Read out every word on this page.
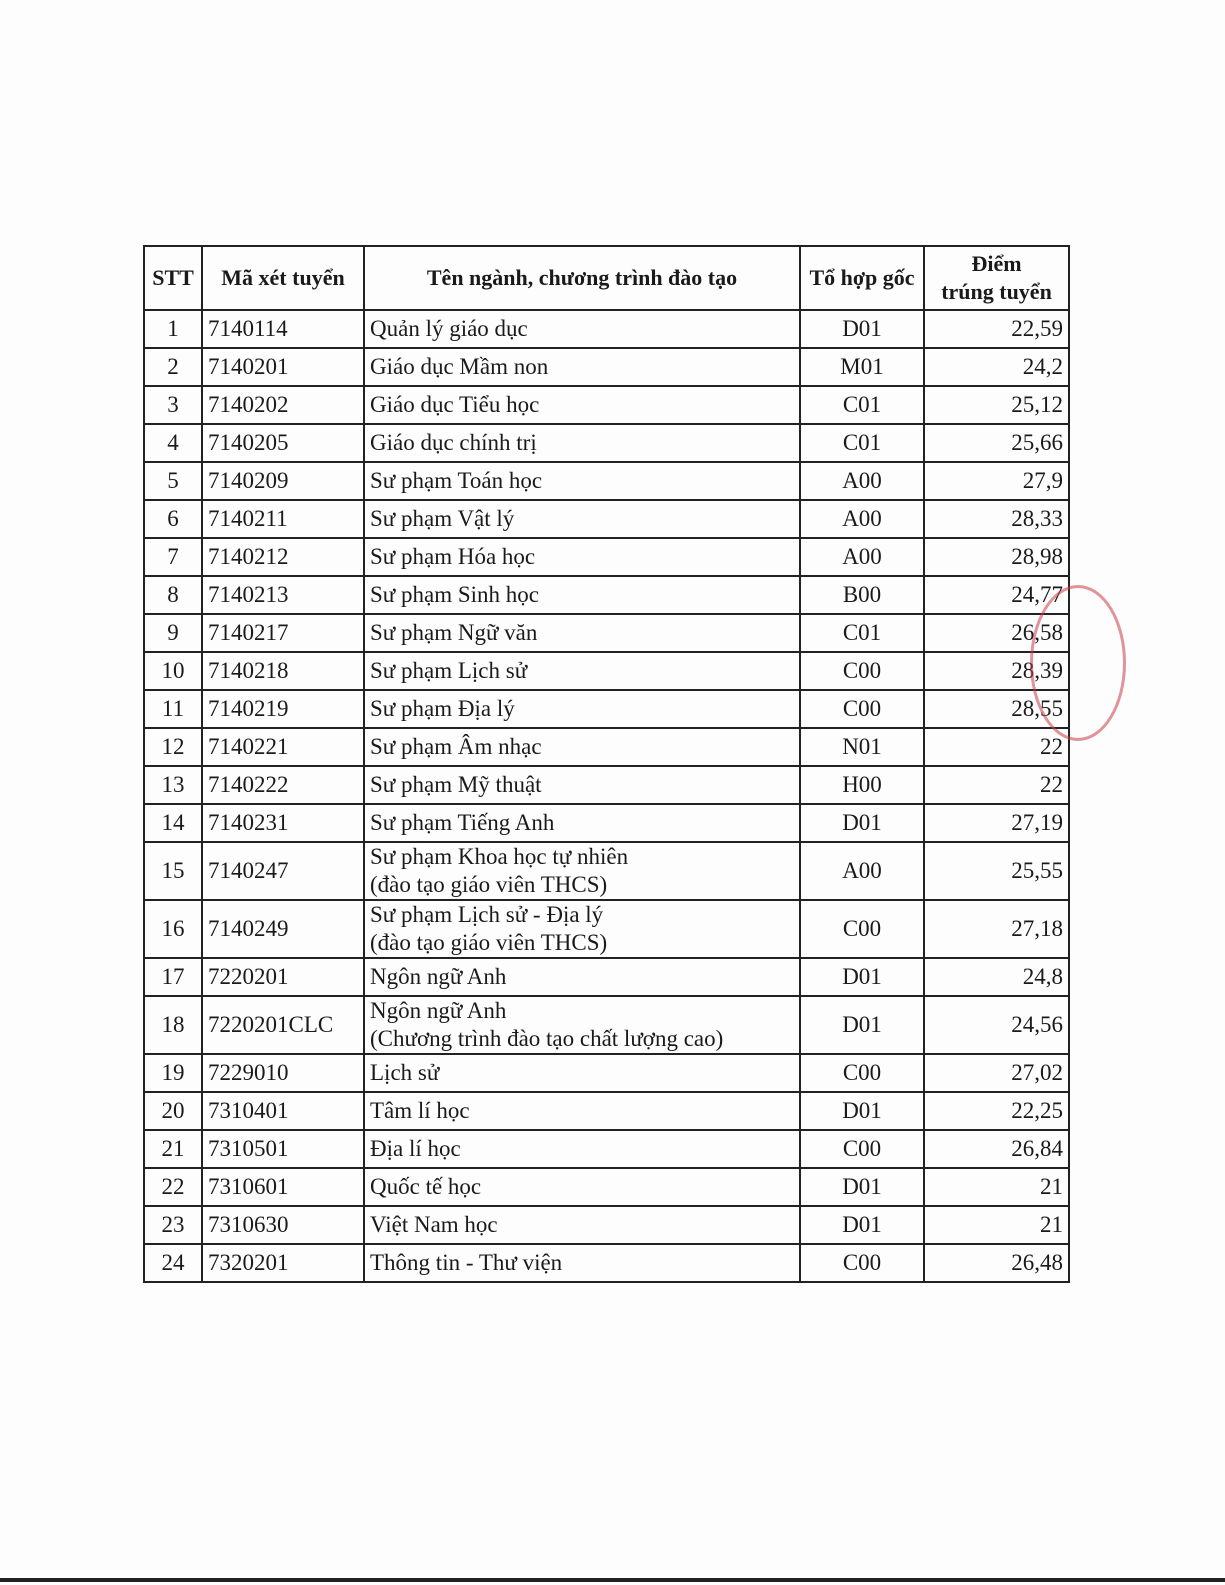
STT	Mã xét tuyển	Tên ngành, chương trình đào tạo	Tổ hợp gốc	Điểm
trúng tuyển

1	7140114	Quản lý giáo dục	D01	22,59
2	7140201	Giáo dục Mầm non	M01	24,2
3	7140202	Giáo dục Tiểu học	C01	25,12
4	7140205	Giáo dục chính trị	C01	25,66
5	7140209	Sư phạm Toán học	A00	27,9
6	7140211	Sư phạm Vật lý	A00	28,33
7	7140212	Sư phạm Hóa học	A00	28,98
8	7140213	Sư phạm Sinh học	B00	24,77
9	7140217	Sư phạm Ngữ văn	C01	26,58
10	7140218	Sư phạm Lịch sử	C00	28,39
11	7140219	Sư phạm Địa lý	C00	28,55
12	7140221	Sư phạm Âm nhạc	N01	22
13	7140222	Sư phạm Mỹ thuật	H00	22
14	7140231	Sư phạm Tiếng Anh	D01	27,19
15	7140247	Sư phạm Khoa học tự nhiên
(đào tạo giáo viên THCS)	A00	25,55
16	7140249	Sư phạm Lịch sử - Địa lý
(đào tạo giáo viên THCS)	C00	27,18
17	7220201	Ngôn ngữ Anh	D01	24,8
18	7220201CLC	Ngôn ngữ Anh
(Chương trình đào tạo chất lượng cao)	D01	24,56
19	7229010	Lịch sử	C00	27,02
20	7310401	Tâm lí học	D01	22,25
21	7310501	Địa lí học	C00	26,84
22	7310601	Quốc tế học	D01	21
23	7310630	Việt Nam học	D01	21
24	7320201	Thông tin - Thư viện	C00	26,48
